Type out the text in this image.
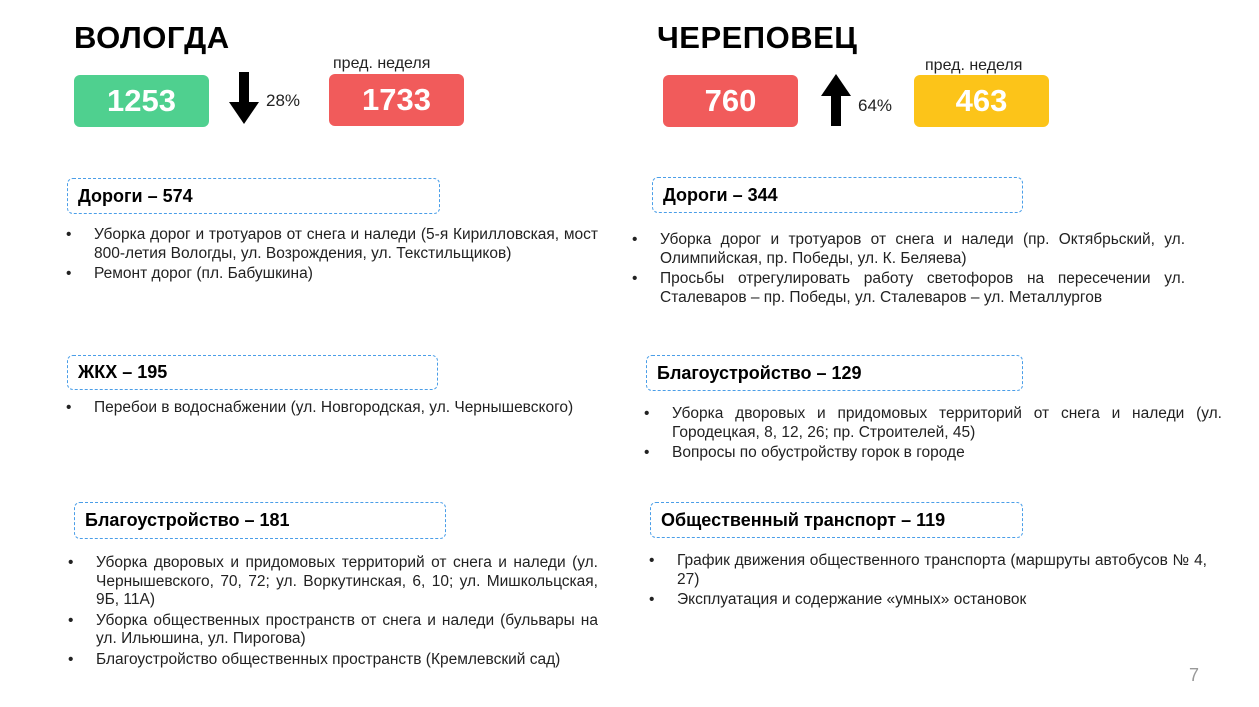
ВОЛОГДА
1253	28%
пред. неделя
1733
ЧЕРЕПОВЕЦ
760	64%
пред. неделя
463
Дороги – 574
• Уборка дорог и тротуаров от снега и наледи (5-я Кирилловская, мост 800-летия Вологды, ул. Возрождения, ул. Текстильщиков)
• Ремонт дорог (пл. Бабушкина)
ЖКХ – 195
• Перебои в водоснабжении (ул. Новгородская, ул. Чернышевского)
Благоустройство – 181
• Уборка дворовых и придомовых территорий от снега и наледи (ул. Чернышевского, 70, 72; ул. Воркутинская, 6, 10; ул. Мишкольцская, 9Б, 11А)
• Уборка общественных пространств от снега и наледи (бульвары на ул. Ильюшина, ул. Пирогова)
• Благоустройство общественных пространств (Кремлевский сад)
Дороги – 344
• Уборка дорог и тротуаров от снега и наледи (пр. Октябрьский, ул. Олимпийская, пр. Победы, ул. К. Беляева)
• Просьбы отрегулировать работу светофоров на пересечении ул. Сталеваров – пр. Победы, ул. Сталеваров – ул. Металлургов
Благоустройство – 129
• Уборка дворовых и придомовых территорий от снега и наледи (ул. Городецкая, 8, 12, 26; пр. Строителей, 45)
• Вопросы по обустройству горок в городе
Общественный транспорт – 119
• График движения общественного транспорта (маршруты автобусов № 4, 27)
• Эксплуатация и содержание «умных» остановок
7
